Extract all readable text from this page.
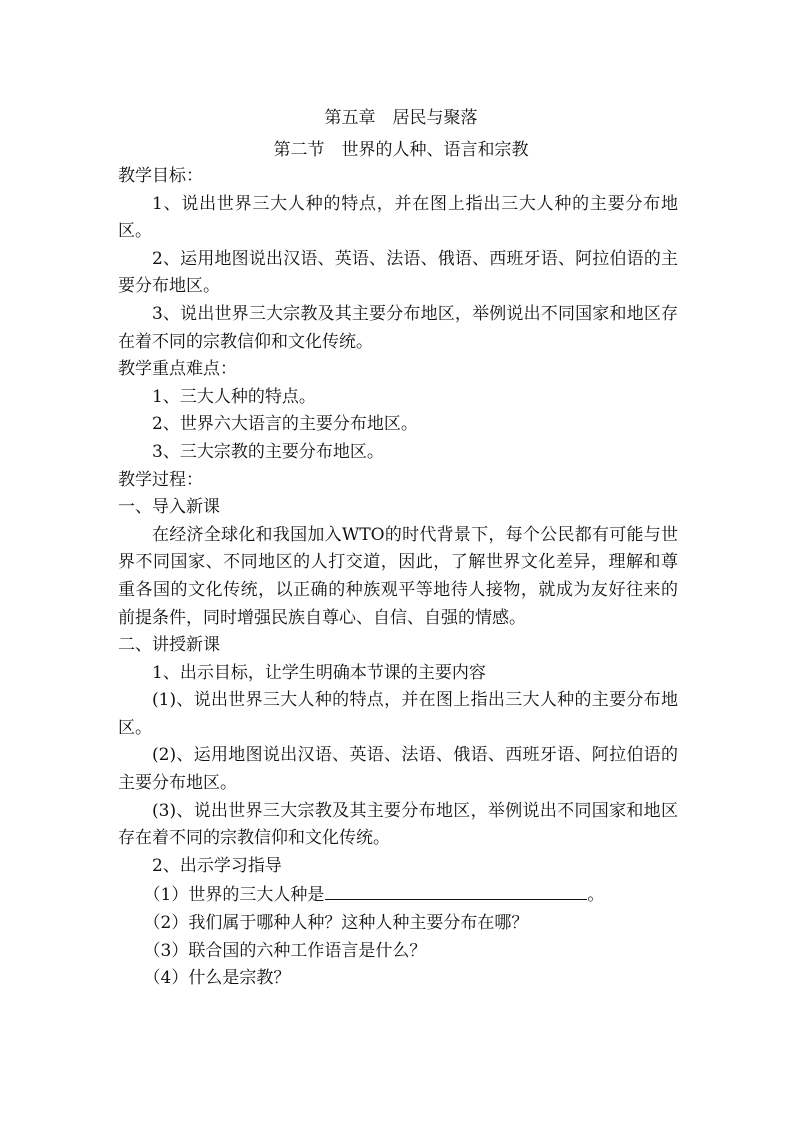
第五章　居民与聚落
第二节　世界的人种、语言和宗教

教学目标：

1、说出世界三大人种的特点，并在图上指出三大人种的主要分布地区。

2、运用地图说出汉语、英语、法语、俄语、西班牙语、阿拉伯语的主要分布地区。

3、说出世界三大宗教及其主要分布地区，举例说出不同国家和地区存在着不同的宗教信仰和文化传统。

教学重点难点：

1、三大人种的特点。

2、世界六大语言的主要分布地区。

3、三大宗教的主要分布地区。

教学过程：

一、导入新课

在经济全球化和我国加入WTO的时代背景下，每个公民都有可能与世界不同国家、不同地区的人打交道，因此，了解世界文化差异，理解和尊重各国的文化传统，以正确的种族观平等地待人接物，就成为友好往来的前提条件，同时增强民族自尊心、自信、自强的情感。

二、讲授新课

1、出示目标，让学生明确本节课的主要内容

(1)、说出世界三大人种的特点，并在图上指出三大人种的主要分布地区。

(2)、运用地图说出汉语、英语、法语、俄语、西班牙语、阿拉伯语的主要分布地区。

(3)、说出世界三大宗教及其主要分布地区，举例说出不同国家和地区存在着不同的宗教信仰和文化传统。

2、出示学习指导

（1）世界的三大人种是	。

（2）我们属于哪种人种？这种人种主要分布在哪？

（3）联合国的六种工作语言是什么？

（4）什么是宗教？
